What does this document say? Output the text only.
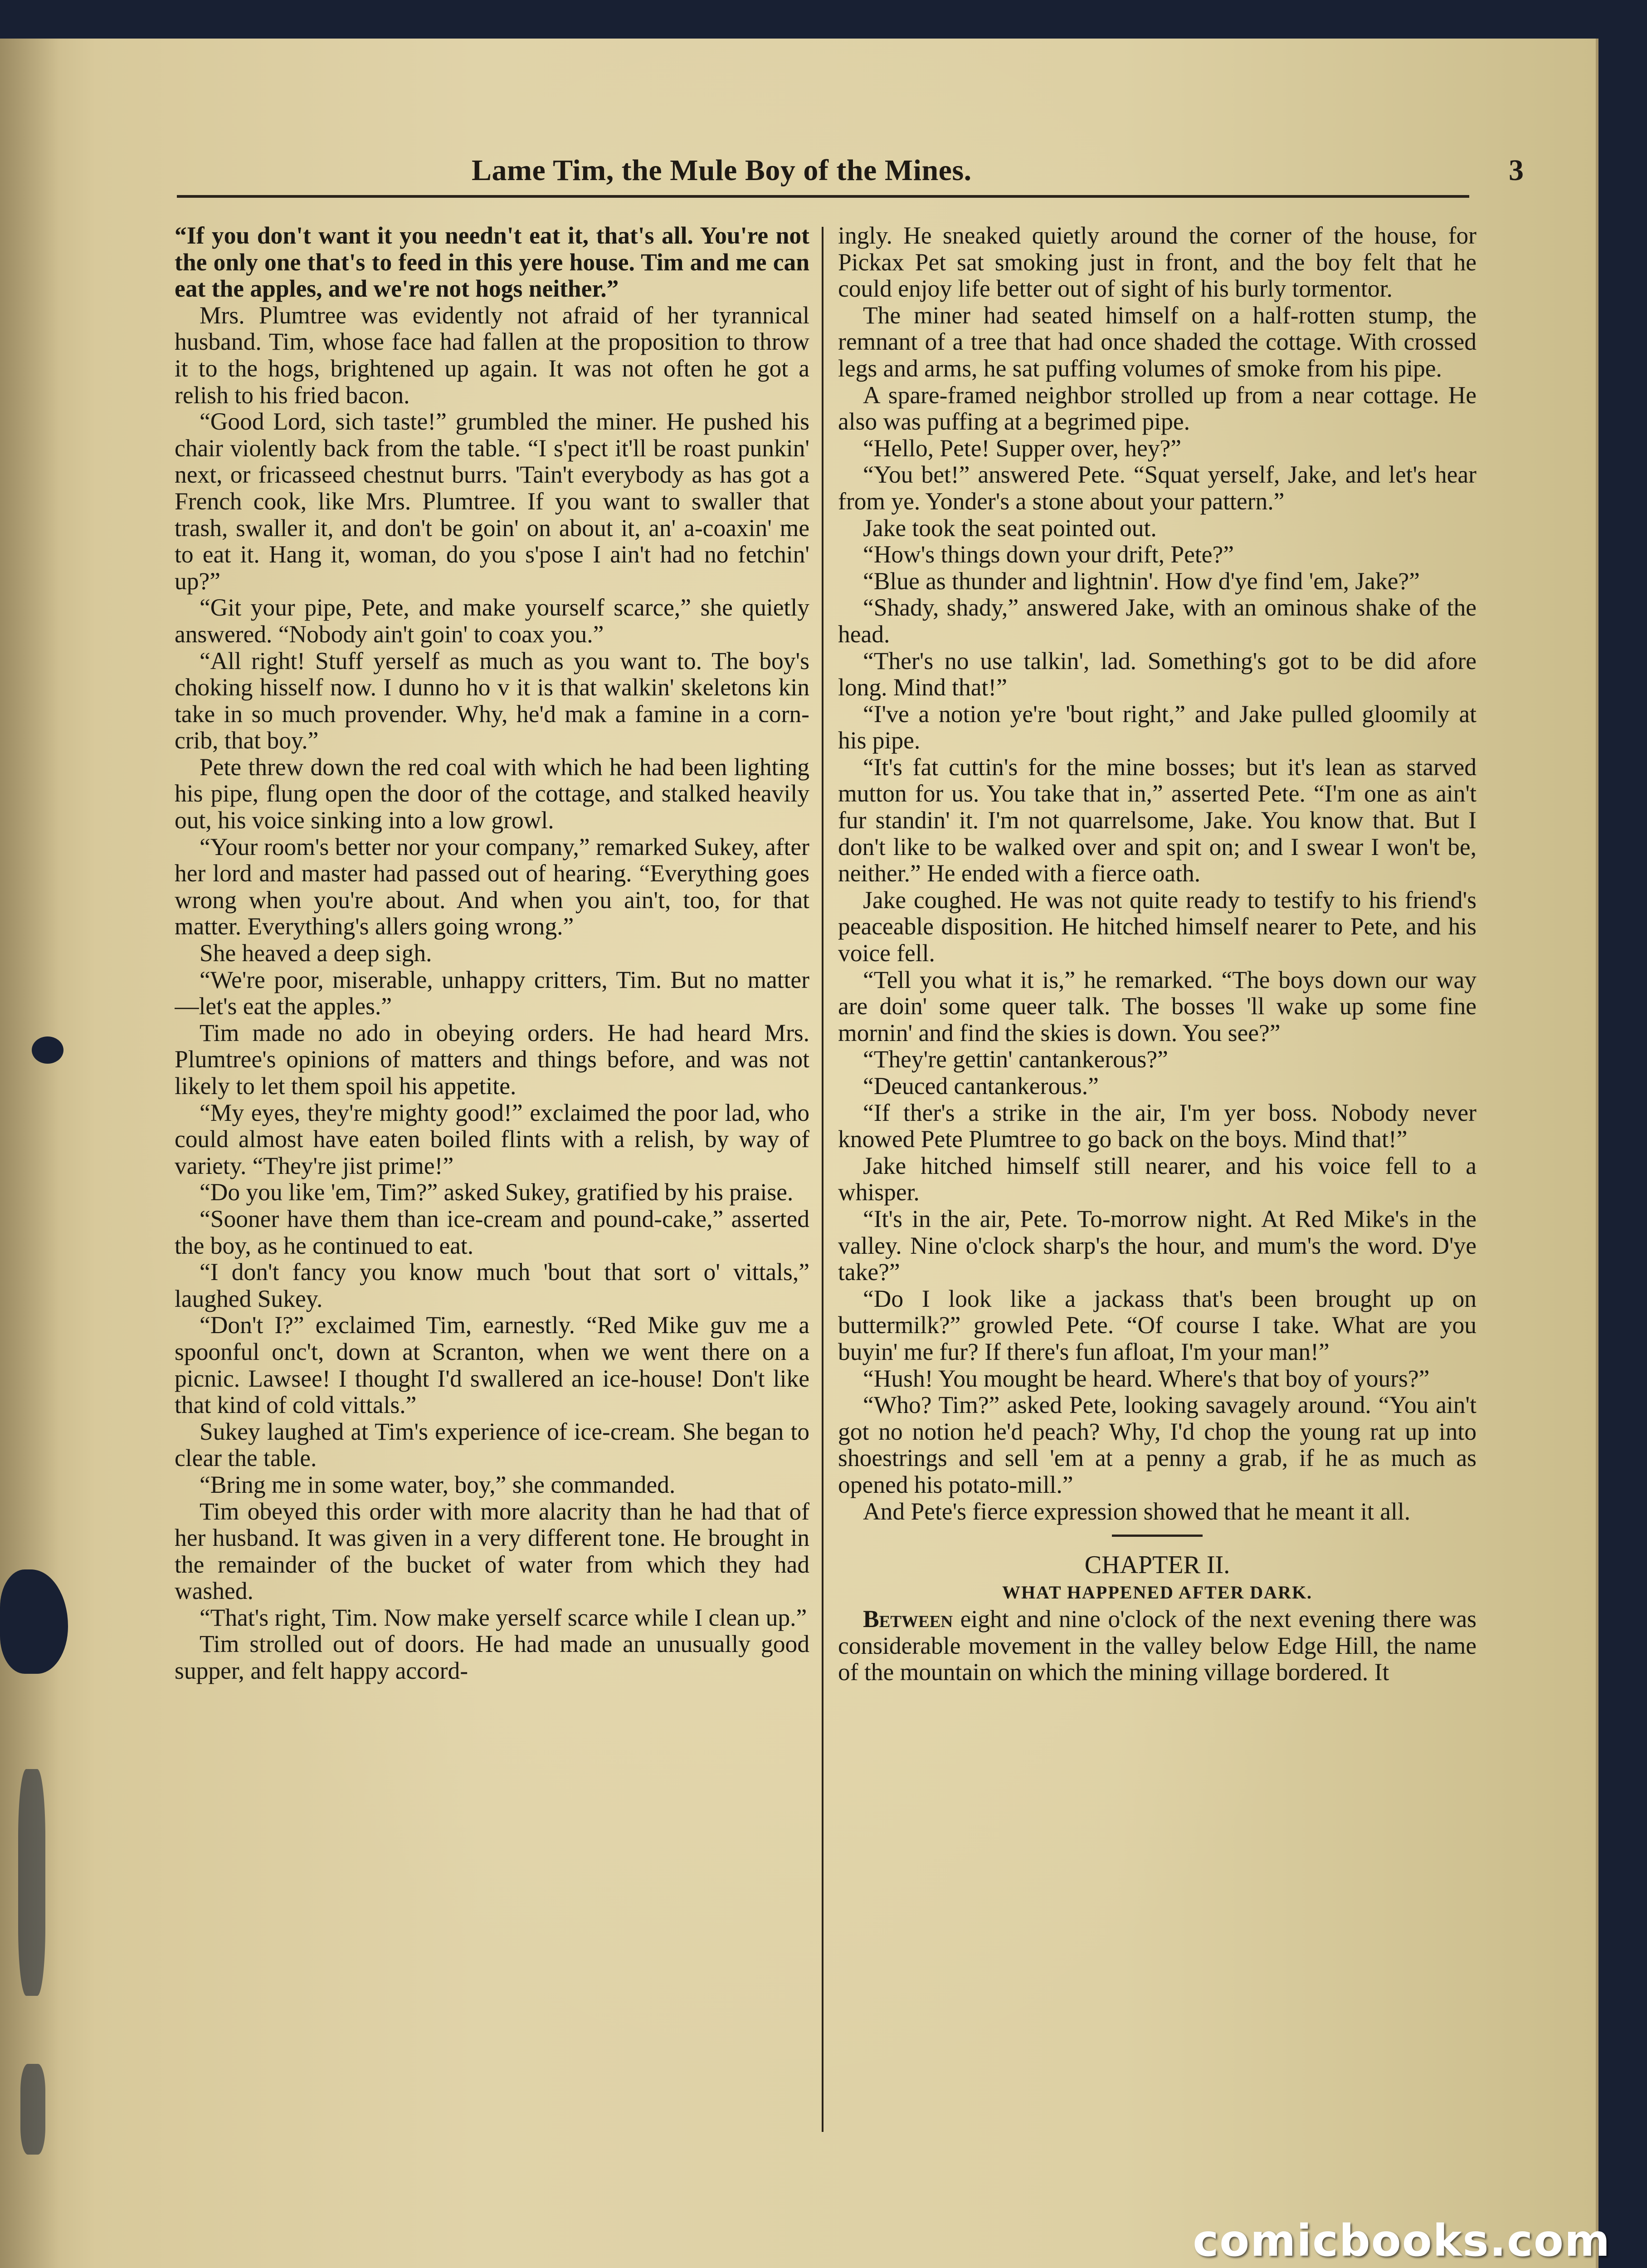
Lame Tim, the Mule Boy of the Mines.	3

“If you don't want it you needn't eat it, that's all. You're not the only one that's to feed in this yere house. Tim and me can eat the apples, and we're not hogs neither.”

Mrs. Plumtree was evidently not afraid of her tyrannical husband. Tim, whose face had fallen at the proposition to throw it to the hogs, brightened up again. It was not often he got a relish to his fried bacon.

“Good Lord, sich taste!” grumbled the miner. He pushed his chair violently back from the table. “I s'pect it'll be roast punkin' next, or fricasseed chestnut burrs. 'Tain't everybody as has got a French cook, like Mrs. Plumtree. If you want to swaller that trash, swaller it, and don't be goin' on about it, an' a-coaxin' me to eat it. Hang it, woman, do you s'pose I ain't had no fetchin' up?”

“Git your pipe, Pete, and make yourself scarce,” she quietly answered. “Nobody ain't goin' to coax you.”

“All right! Stuff yerself as much as you want to. The boy's choking hisself now. I dunno ho v it is that walkin' skeletons kin take in so much provender. Why, he'd mak a famine in a corn-crib, that boy.”

Pete threw down the red coal with which he had been lighting his pipe, flung open the door of the cottage, and stalked heavily out, his voice sinking into a low growl.

“Your room's better nor your company,” remarked Sukey, after her lord and master had passed out of hearing. “Everything goes wrong when you're about. And when you ain't, too, for that matter. Everything's allers going wrong.”

She heaved a deep sigh.

“We're poor, miserable, unhappy critters, Tim. But no matter—let's eat the apples.”

Tim made no ado in obeying orders. He had heard Mrs. Plumtree's opinions of matters and things before, and was not likely to let them spoil his appetite.

“My eyes, they're mighty good!” exclaimed the poor lad, who could almost have eaten boiled flints with a relish, by way of variety. “They're jist prime!”

“Do you like 'em, Tim?” asked Sukey, gratified by his praise.

“Sooner have them than ice-cream and pound-cake,” asserted the boy, as he continued to eat.

“I don't fancy you know much 'bout that sort o' vittals,” laughed Sukey.

“Don't I?” exclaimed Tim, earnestly. “Red Mike guv me a spoonful onc't, down at Scranton, when we went there on a picnic. Lawsee! I thought I'd swallered an ice-house! Don't like that kind of cold vittals.”

Sukey laughed at Tim's experience of ice-cream. She began to clear the table.

“Bring me in some water, boy,” she commanded.

Tim obeyed this order with more alacrity than he had that of her husband. It was given in a very different tone. He brought in the remainder of the bucket of water from which they had washed.

“That's right, Tim. Now make yerself scarce while I clean up.”

Tim strolled out of doors. He had made an unusually good supper, and felt happy accord-

ingly. He sneaked quietly around the corner of the house, for Pickax Pet sat smoking just in front, and the boy felt that he could enjoy life better out of sight of his burly tormentor.

The miner had seated himself on a half-rotten stump, the remnant of a tree that had once shaded the cottage. With crossed legs and arms, he sat puffing volumes of smoke from his pipe.

A spare-framed neighbor strolled up from a near cottage. He also was puffing at a begrimed pipe.

“Hello, Pete! Supper over, hey?”

“You bet!” answered Pete. “Squat yerself, Jake, and let's hear from ye. Yonder's a stone about your pattern.”

Jake took the seat pointed out.

“How's things down your drift, Pete?”

“Blue as thunder and lightnin'. How d'ye find 'em, Jake?”

“Shady, shady,” answered Jake, with an ominous shake of the head.

“Ther's no use talkin', lad. Something's got to be did afore long. Mind that!”

“I've a notion ye're 'bout right,” and Jake pulled gloomily at his pipe.

“It's fat cuttin's for the mine bosses; but it's lean as starved mutton for us. You take that in,” asserted Pete. “I'm one as ain't fur standin' it. I'm not quarrelsome, Jake. You know that. But I don't like to be walked over and spit on; and I swear I won't be, neither.” He ended with a fierce oath.

Jake coughed. He was not quite ready to testify to his friend's peaceable disposition. He hitched himself nearer to Pete, and his voice fell.

“Tell you what it is,” he remarked. “The boys down our way are doin' some queer talk. The bosses 'll wake up some fine mornin' and find the skies is down. You see?”

“They're gettin' cantankerous?”

“Deuced cantankerous.”

“If ther's a strike in the air, I'm yer boss. Nobody never knowed Pete Plumtree to go back on the boys. Mind that!”

Jake hitched himself still nearer, and his voice fell to a whisper.

“It's in the air, Pete. To-morrow night. At Red Mike's in the valley. Nine o'clock sharp's the hour, and mum's the word. D'ye take?”

“Do I look like a jackass that's been brought up on buttermilk?” growled Pete. “Of course I take. What are you buyin' me fur? If there's fun afloat, I'm your man!”

“Hush! You mought be heard. Where's that boy of yours?”

“Who? Tim?” asked Pete, looking savagely around. “You ain't got no notion he'd peach? Why, I'd chop the young rat up into shoestrings and sell 'em at a penny a grab, if he as much as opened his potato-mill.”

And Pete's fierce expression showed that he meant it all.

CHAPTER II.

WHAT HAPPENED AFTER DARK.

Between eight and nine o'clock of the next evening there was considerable movement in the valley below Edge Hill, the name of the mountain on which the mining village bordered. It

comicbooks.com
